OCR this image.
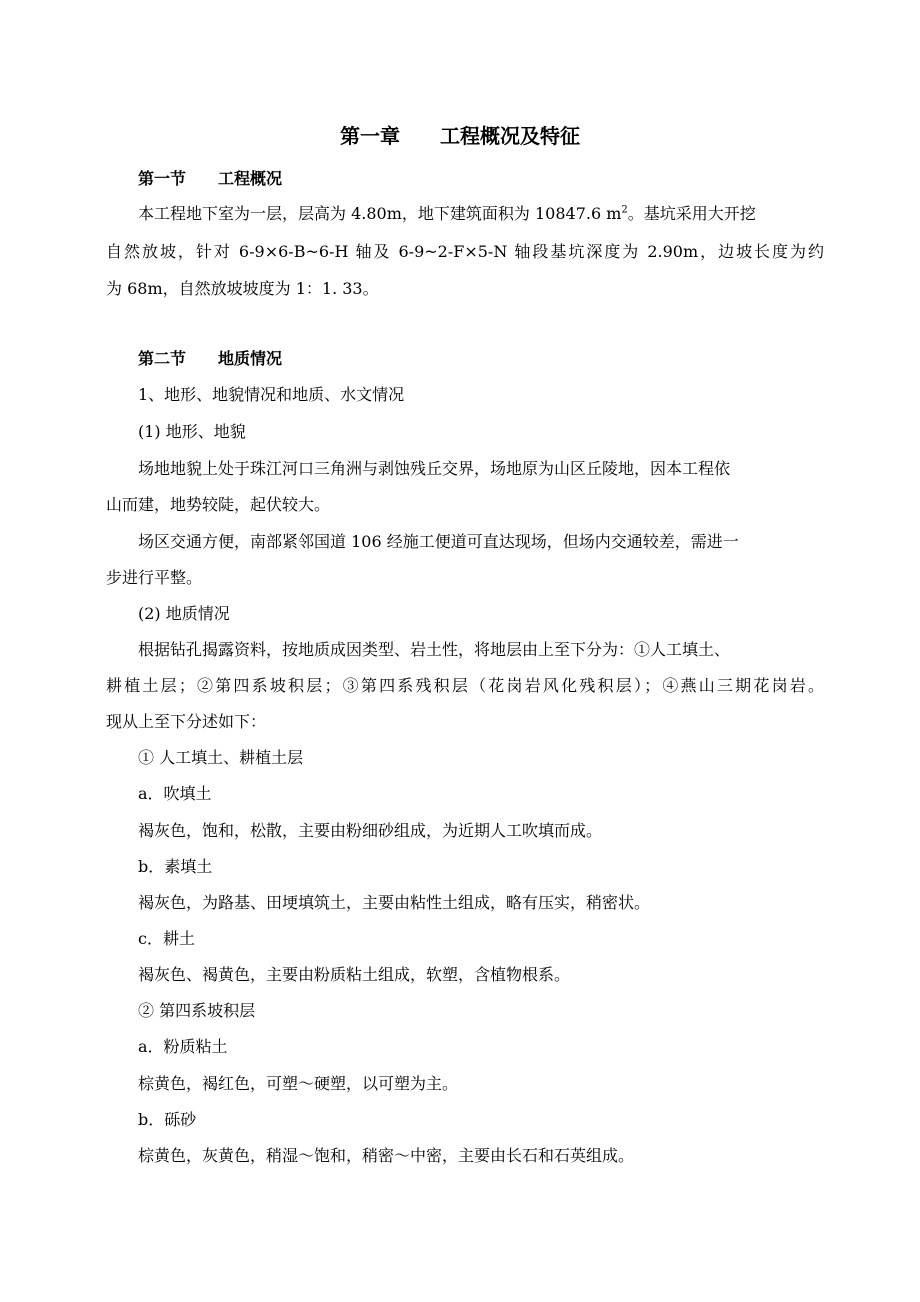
第一章　　工程概况及特征
第一节　　工程概况
本工程地下室为一层，层高为 4.80m，地下建筑面积为 10847.6 $m^2$。基坑采用大开挖
自然放坡，针对 6-9×6-B~6-H 轴及 6-9~2-F×5-N 轴段基坑深度为 2.90m，边坡长度为约
为 68m，自然放坡坡度为 1：1. 33。
第二节　　地质情况
1、地形、地貌情况和地质、水文情况
(1) 地形、地貌
场地地貌上处于珠江河口三角洲与剥蚀残丘交界，场地原为山区丘陵地，因本工程依
山而建，地势较陡，起伏较大。
场区交通方便，南部紧邻国道 106 经施工便道可直达现场，但场内交通较差，需进一
步进行平整。
(2) 地质情况
根据钻孔揭露资料，按地质成因类型、岩土性，将地层由上至下分为：①人工填土、
耕植土层；②第四系坡积层；③第四系残积层（花岗岩风化残积层）；④燕山三期花岗岩。
现从上至下分述如下：
① 人工填土、耕植土层
a．吹填土
褐灰色，饱和，松散，主要由粉细砂组成，为近期人工吹填而成。
b．素填土
褐灰色，为路基、田埂填筑土，主要由粘性土组成，略有压实，稍密状。
c．耕土
褐灰色、褐黄色，主要由粉质粘土组成，软塑，含植物根系。
② 第四系坡积层
a．粉质粘土
棕黄色，褐红色，可塑～硬塑，以可塑为主。
b．砾砂
棕黄色，灰黄色，稍湿～饱和，稍密～中密，主要由长石和石英组成。
